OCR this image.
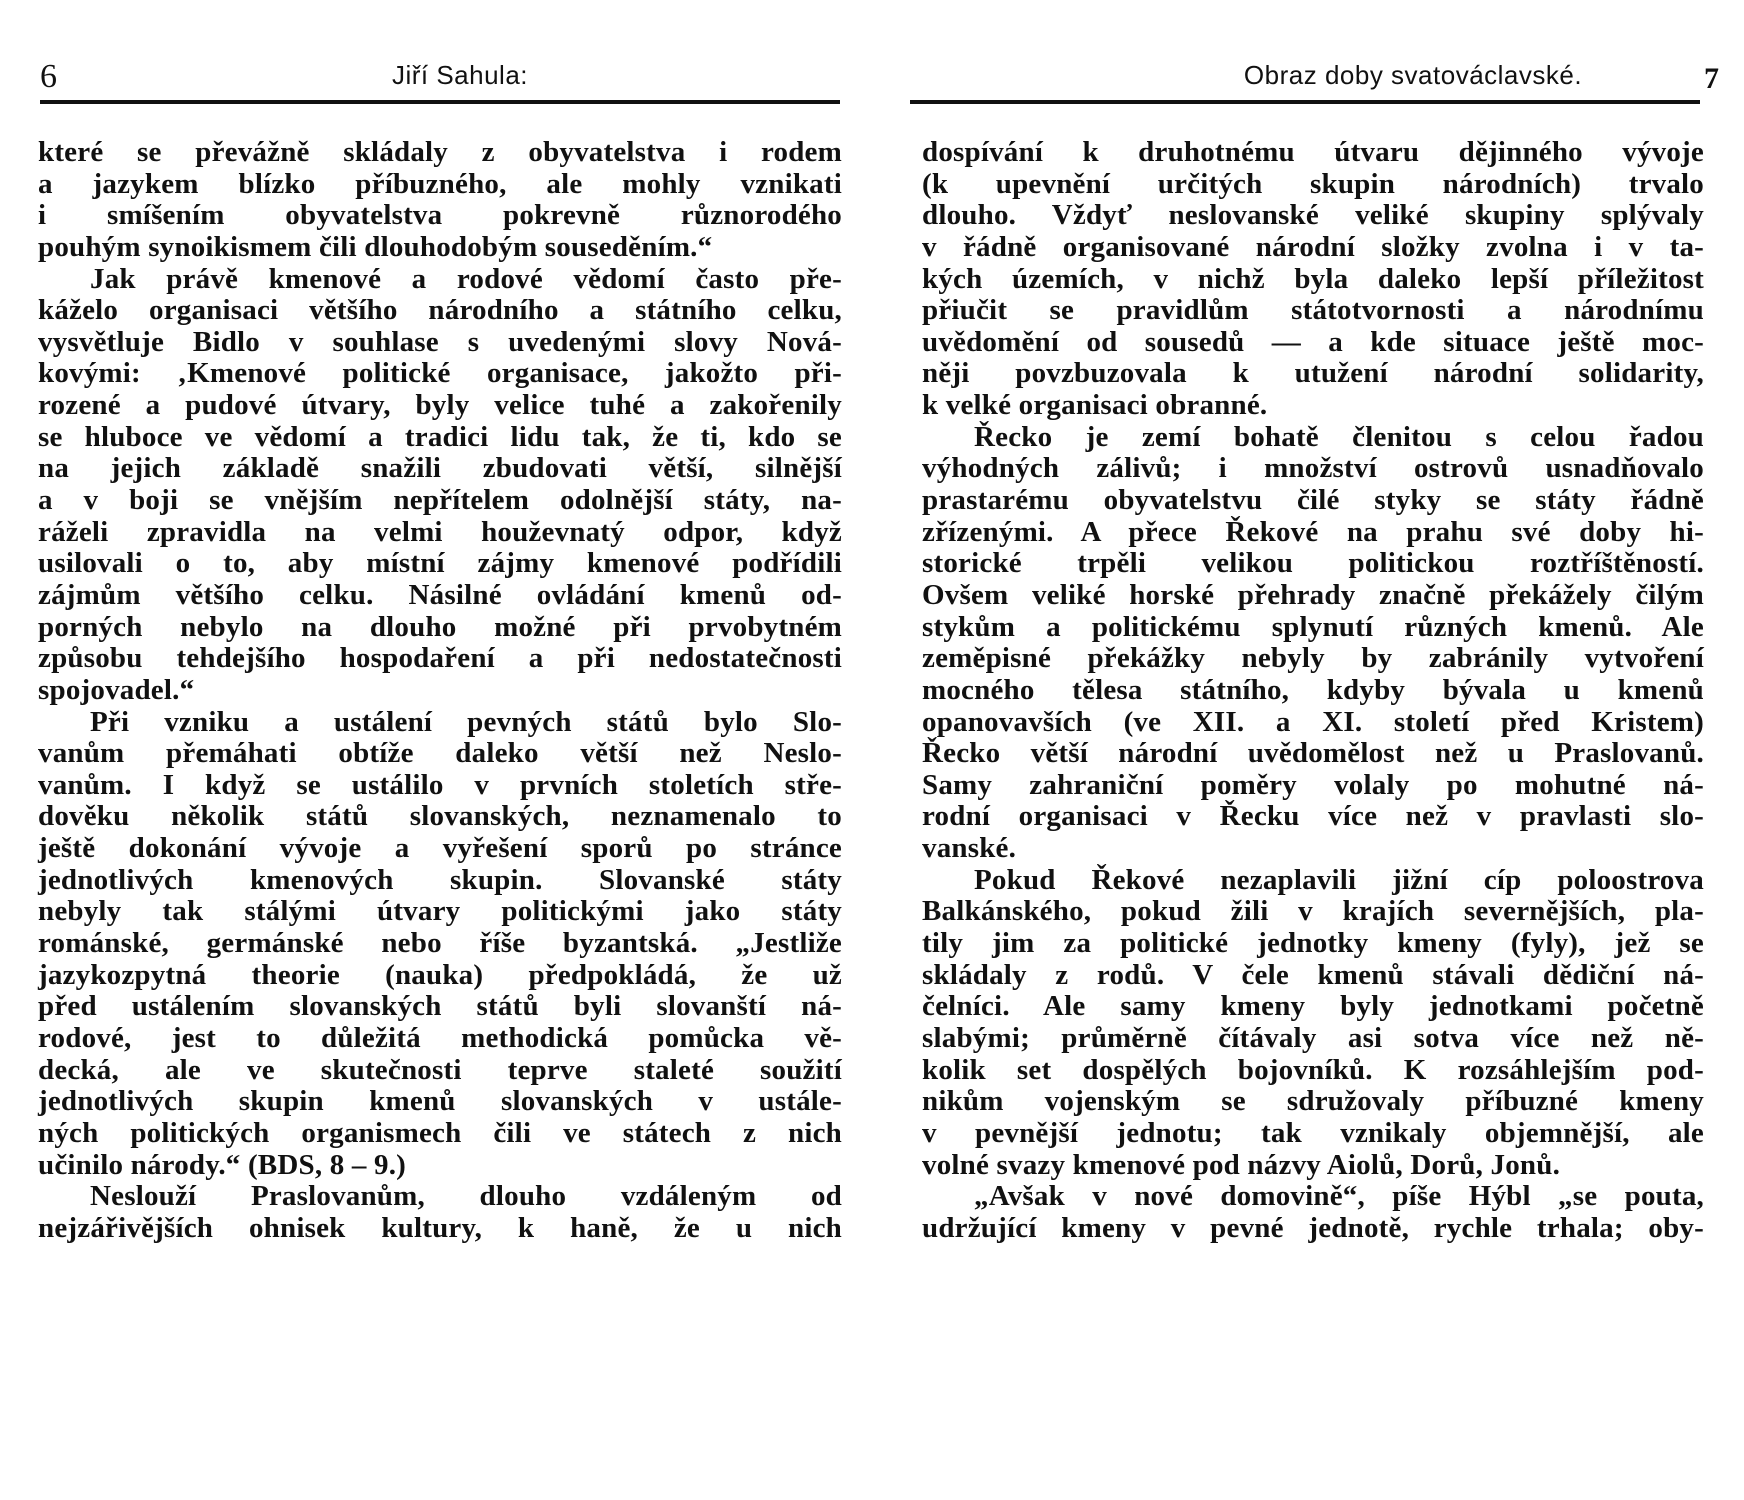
6	Jiří Sahula:
které se převážně skládaly z obyvatelstva i rodem
a jazykem blízko příbuzného, ale mohly vznikati
i smíšením obyvatelstva pokrevně různorodého
pouhým synoikismem čili dlouhodobým souseděním.“
Jak právě kmenové a rodové vědomí často pře-
káželo organisaci většího národního a státního celku,
vysvětluje Bidlo v souhlase s uvedenými slovy Nová-
kovými: ‚Kmenové politické organisace, jakožto při-
rozené a pudové útvary, byly velice tuhé a zakořenily
se hluboce ve vědomí a tradici lidu tak, že ti, kdo se
na jejich základě snažili zbudovati větší, silnější
a v boji se vnějším nepřítelem odolnější státy, na-
ráželi zpravidla na velmi houževnatý odpor, když
usilovali o to, aby místní zájmy kmenové podřídili
zájmům většího celku. Násilné ovládání kmenů od-
porných nebylo na dlouho možné při prvobytném
způsobu tehdejšího hospodaření a při nedostatečnosti
spojovadel.“
Při vzniku a ustálení pevných států bylo Slo-
vanům přemáhati obtíže daleko větší než Neslo-
vanům. I když se ustálilo v prvních stoletích stře-
dověku několik států slovanských, neznamenalo to
ještě dokonání vývoje a vyřešení sporů po stránce
jednotlivých kmenových skupin. Slovanské státy
nebyly tak stálými útvary politickými jako státy
románské, germánské nebo říše byzantská. „Jestliže
jazykozpytná theorie (nauka) předpokládá, že už
před ustálením slovanských států byli slovanští ná-
rodové, jest to důležitá methodická pomůcka vě-
decká, ale ve skutečnosti teprve staleté soužití
jednotlivých skupin kmenů slovanských v ustále-
ných politických organismech čili ve státech z nich
učinilo národy.“ (BDS, 8 – 9.)
Neslouží Praslovanům, dlouho vzdáleným od
nejzářivějších ohnisek kultury, k haně, že u nich
Obraz doby svatováclavské.	7
dospívání k druhotnému útvaru dějinného vývoje
(k upevnění určitých skupin národních) trvalo
dlouho. Vždyť neslovanské veliké skupiny splývaly
v řádně organisované národní složky zvolna i v ta-
kých územích, v nichž byla daleko lepší příležitost
přiučit se pravidlům státotvornosti a národnímu
uvědomění od sousedů — a kde situace ještě moc-
něji povzbuzovala k utužení národní solidarity,
k velké organisaci obranné.
Řecko je zemí bohatě členitou s celou řadou
výhodných zálivů; i množství ostrovů usnadňovalo
prastarému obyvatelstvu čilé styky se státy řádně
zřízenými. A přece Řekové na prahu své doby hi-
storické trpěli velikou politickou roztříštěností.
Ovšem veliké horské přehrady značně překážely čilým
stykům a politickému splynutí různých kmenů. Ale
zeměpisné překážky nebyly by zabránily vytvoření
mocného tělesa státního, kdyby bývala u kmenů
opanovavších (ve XII. a XI. století před Kristem)
Řecko větší národní uvědomělost než u Praslovanů.
Samy zahraniční poměry volaly po mohutné ná-
rodní organisaci v Řecku více než v pravlasti slo-
vanské.
Pokud Řekové nezaplavili jižní cíp poloostrova
Balkánského, pokud žili v krajích severnějších, pla-
tily jim za politické jednotky kmeny (fyly), jež se
skládaly z rodů. V čele kmenů stávali dědiční ná-
čelníci. Ale samy kmeny byly jednotkami početně
slabými; průměrně čítávaly asi sotva více než ně-
kolik set dospělých bojovníků. K rozsáhlejším pod-
nikům vojenským se sdružovaly příbuzné kmeny
v pevnější jednotu; tak vznikaly objemnější, ale
volné svazy kmenové pod názvy Aiolů, Dorů, Jonů.
„Avšak v nové domovině“, píše Hýbl „se pouta,
udržující kmeny v pevné jednotě, rychle trhala; oby-
